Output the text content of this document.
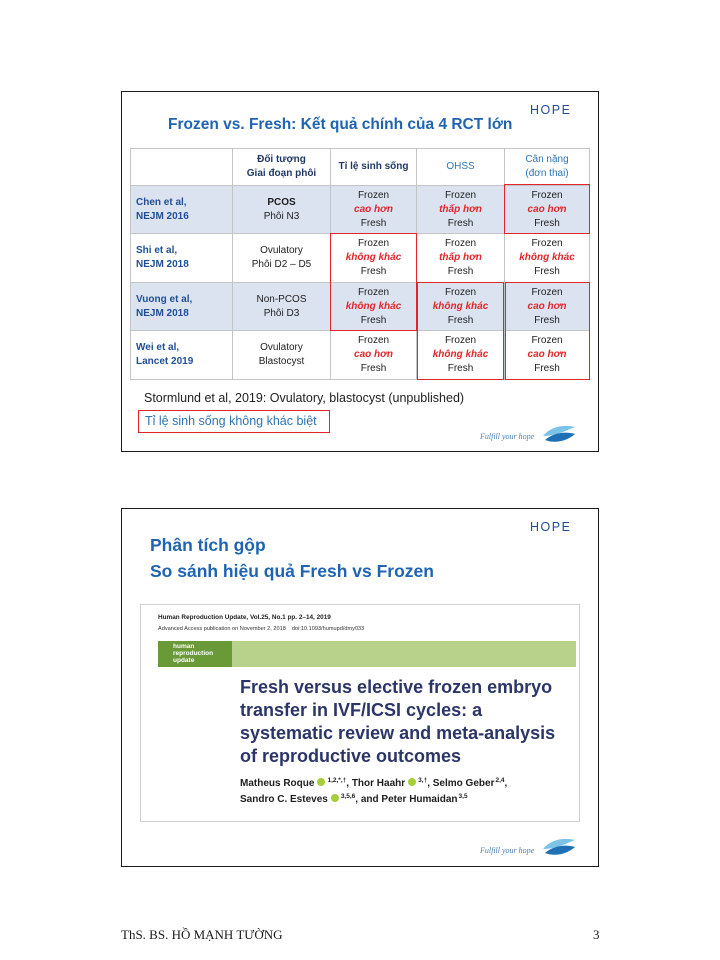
HOPE
Frozen vs. Fresh: Kết quả chính của 4 RCT lớn
Đối tượng
Giai đoạn phôi
Tỉ lệ sinh sống	OHSS
Cân nặng
(đơn thai)
Chen et al,
NEJM 2016
PCOS
Phôi N3
Frozen
cao hơn
Fresh
Frozen
thấp hơn
Fresh
Frozen
cao hơn
Fresh
Shi et al,
NEJM 2018
Ovulatory
Phôi D2 – D5
Frozen
không khác
Fresh
Frozen
thấp hơn
Fresh
Frozen
không khác
Fresh
Vuong et al,
NEJM 2018
Non-PCOS
Phôi D3
Frozen
không khác
Fresh
Frozen
không khác
Fresh
Frozen
cao hơn
Fresh
Wei et al,
Lancet 2019
Ovulatory
Blastocyst
Frozen
cao hơn
Fresh
Frozen
không khác
Fresh
Frozen
cao hơn
Fresh
Stormlund et al, 2019: Ovulatory, blastocyst (unpublished)
Tỉ lệ sinh sống không khác biệt
Fulfill your hope
HOPE
Phân tích gộp
So sánh hiệu quả Fresh vs Frozen
Human Reproduction Update, Vol.25, No.1 pp. 2–14, 2019
Advanced Access publication on November 2, 2018 doi:10.1093/humupd/dmy033
human
reproduction
update
Fresh versus elective frozen embryo
transfer in IVF/ICSI cycles: a
systematic review and meta-analysis
of reproductive outcomes
Matheus Roque $^{1,2,*,\dagger}$, Thor Haahr $^{3,\dagger}$, Selmo Geber$^{2,4}$,
Sandro C. Esteves $^{3,5,6}$, and Peter Humaidan$^{3,5}$
Fulfill your hope
ThS. BS. HỒ MẠNH TƯỜNG	3
